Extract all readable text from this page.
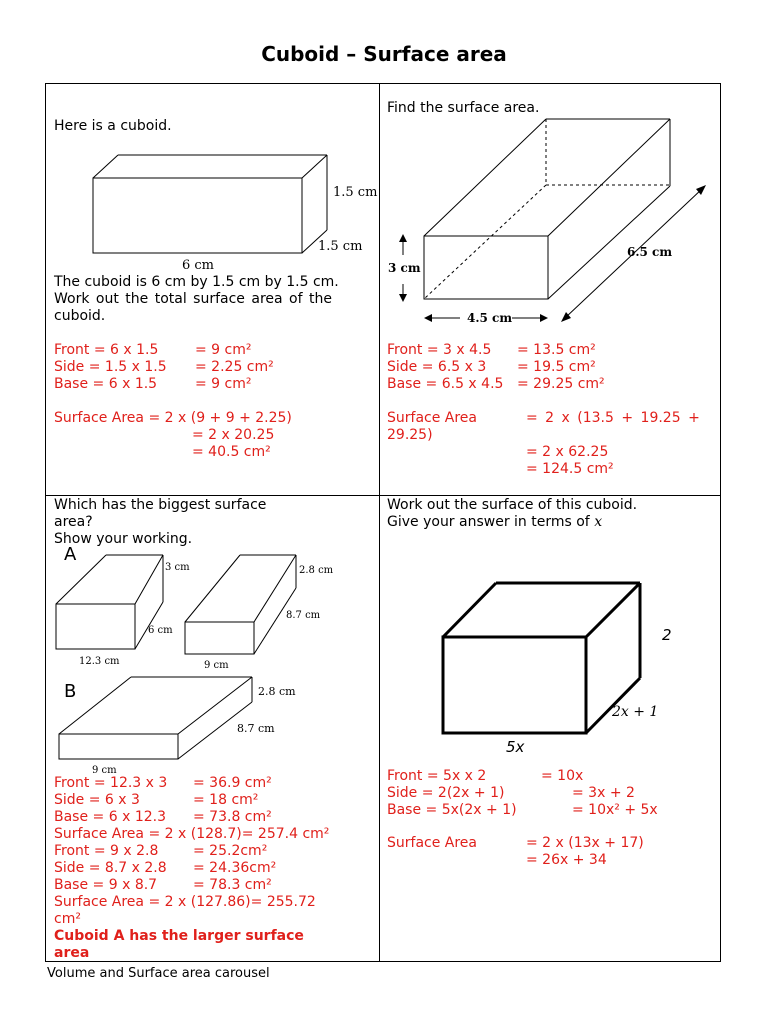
Cuboid – Surface area
Here is a cuboid.
1.5 cm
1.5 cm
6 cm
The cuboid is 6 cm by 1.5 cm by 1.5 cm.
Work out the total surface area of the
cuboid.
Front = 6 x 1.5	= 9 cm²
Side = 1.5 x 1.5 = 2.25 cm²
Base = 6 x 1.5	= 9 cm²
Surface Area = 2 x (9 + 9 + 2.25)
= 2 x 20.25
= 40.5 cm²
Find the surface area.
3 cm
4.5 cm
6.5 cm
Front = 3 x 4.5 = 13.5 cm²
Side = 6.5 x 3 = 19.5 cm²
Base = 6.5 x 4.5 = 29.25 cm²
Surface Area	= 2 x (13.5 + 19.25 +
29.25)
= 2 x 62.25
= 124.5 cm²
Which has the biggest surface
area?
Show your working.
A
B
3 cm
6 cm
12.3 cm
2.8 cm
8.7 cm
9 cm
2.8 cm
8.7 cm
9 cm
Front = 12.3 x 3 = 36.9 cm²
Side = 6 x 3	= 18 cm²
Base = 6 x 12.3 = 73.8 cm²
Surface Area = 2 x (128.7)= 257.4 cm²
Front = 9 x 2.8 = 25.2cm²
Side = 8.7 x 2.8 = 24.36cm²
Base = 9 x 8.7	= 78.3 cm²
Surface Area = 2 x (127.86)= 255.72
cm²
Cuboid A has the larger surface
area
Work out the surface of this cuboid.
Give your answer in terms of x
2
2x + 1
5x
Front = 5x x 2	= 10x
Side = 2(2x + 1)	= 3x + 2
Base = 5x(2x + 1)	= 10x² + 5x
Surface Area	= 2 x (13x + 17)
= 26x + 34
Volume and Surface area carousel
